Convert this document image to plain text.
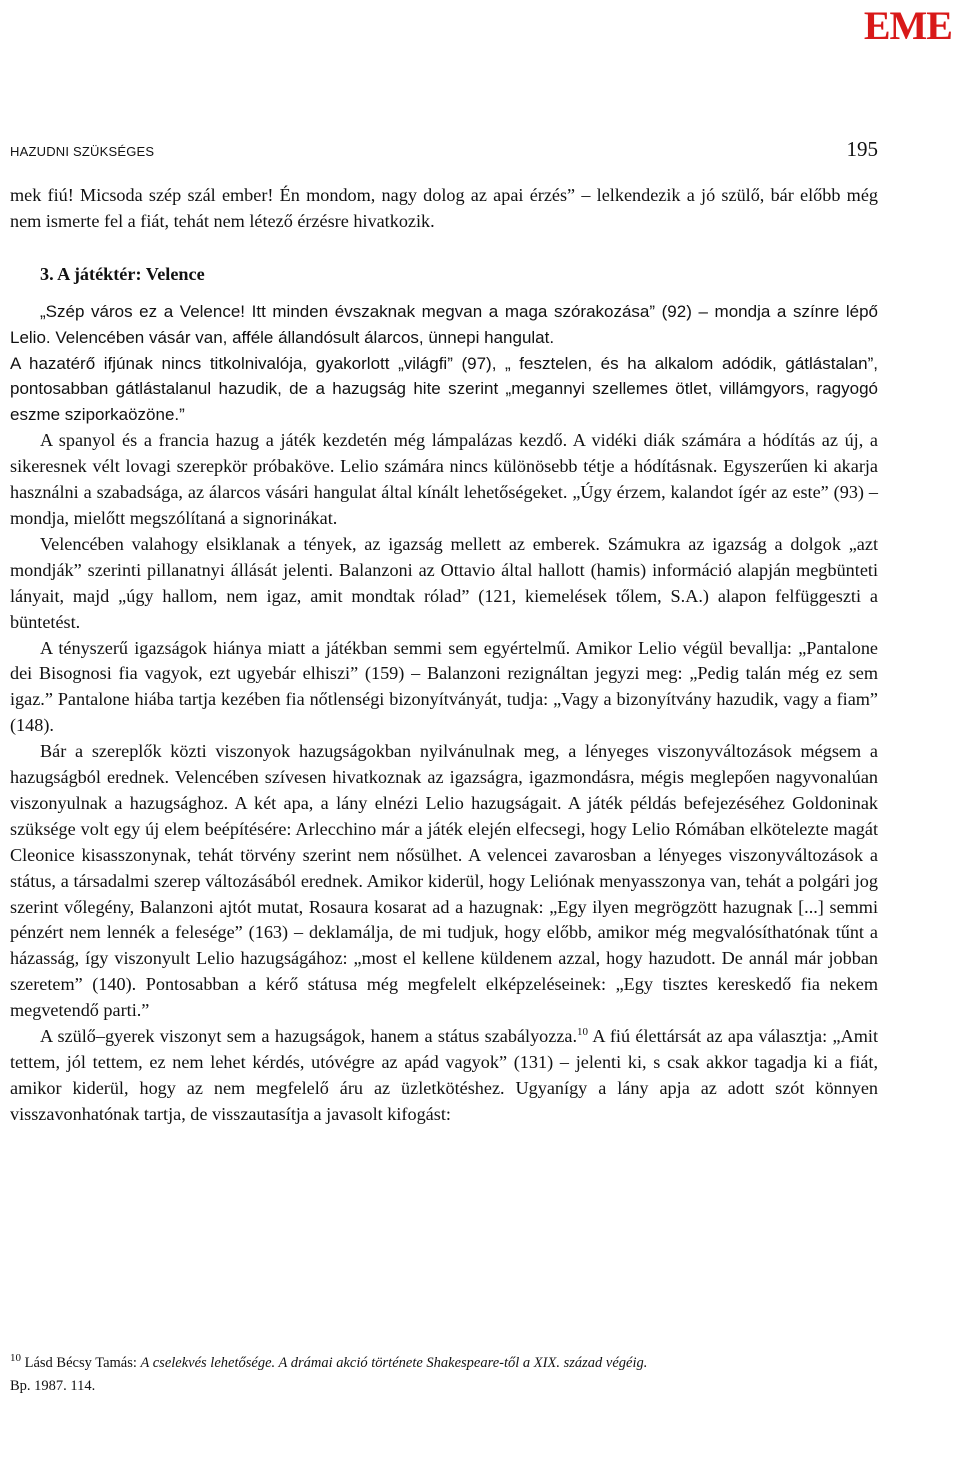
EME
HAZUDNI SZÜKSÉGES	195

mek fiú! Micsoda szép szál ember! Én mondom, nagy dolog az apai érzés” – lelkendezik a jó szülő, bár előbb még nem ismerte fel a fiát, tehát nem létező érzésre hivatkozik.

3. A játéktér: Velence

„Szép város ez a Velence! Itt minden évszaknak megvan a maga szórakozása” (92) – mondja a színre lépő Lelio. Velencében vásár van, afféle állandósult álarcos, ünnepi hangulat.

A hazatérő ifjúnak nincs titkolnivalója, gyakorlott „világfi” (97), „ fesztelen, és ha alkalom adódik, gátlástalan”, pontosabban gátlástalanul hazudik, de a hazugság hite szerint „megannyi szellemes ötlet, villámgyors, ragyogó eszme sziporkaözöne.”

A spanyol és a francia hazug a játék kezdetén még lámpalázas kezdő. A vidéki diák számára a hódítás az új, a sikeresnek vélt lovagi szerepkör próbaköve. Lelio számára nincs különösebb tétje a hódításnak. Egyszerűen ki akarja használni a szabadsága, az álarcos vásári hangulat által kínált lehetőségeket. „Úgy érzem, kalandot ígér az este” (93) – mondja, mielőtt megszólítaná a signorinákat.

Velencében valahogy elsiklanak a tények, az igazság mellett az emberek. Számukra az igazság a dolgok „azt mondják” szerinti pillanatnyi állását jelenti. Balanzoni az Ottavio által hallott (hamis) információ alapján megbünteti lányait, majd „úgy hallom, nem igaz, amit mondtak rólad” (121, kiemelések tőlem, S.A.) alapon felfüggeszti a büntetést.

A tényszerű igazságok hiánya miatt a játékban semmi sem egyértelmű. Amikor Lelio végül bevallja: „Pantalone dei Bisognosi fia vagyok, ezt ugyebár elhiszi” (159) – Balanzoni rezignáltan jegyzi meg: „Pedig talán még ez sem igaz.” Pantalone hiába tartja kezében fia nőtlenségi bizonyítványát, tudja: „Vagy a bizonyítvány hazudik, vagy a fiam” (148).

Bár a szereplők közti viszonyok hazugságokban nyilvánulnak meg, a lényeges viszonyváltozások mégsem a hazugságból erednek. Velencében szívesen hivatkoznak az igazságra, igazmondásra, mégis meglepően nagyvonalúan viszonyulnak a hazugsághoz. A két apa, a lány elnézi Lelio hazugságait. A játék példás befejezéséhez Goldoninak szüksége volt egy új elem beépítésére: Arlecchino már a játék elején elfecsegi, hogy Lelio Rómában elkötelezte magát Cleonice kisasszonynak, tehát törvény szerint nem nősülhet. A velencei zavarosban a lényeges viszonyváltozások a státus, a társadalmi szerep változásából erednek. Amikor kiderül, hogy Leliónak menyasszonya van, tehát a polgári jog szerint vőlegény, Balanzoni ajtót mutat, Rosaura kosarat ad a hazugnak: „Egy ilyen megrögzött hazugnak [...] semmi pénzért nem lennék a felesége” (163) – deklamálja, de mi tudjuk, hogy előbb, amikor még megvalósíthatónak tűnt a házasság, így viszonyult Lelio hazugságához: „most el kellene küldenem azzal, hogy hazudott. De annál már jobban szeretem” (140). Pontosabban a kérő státusa még megfelelt elképzeléseinek: „Egy tisztes kereskedő fia nekem megvetendő parti.”

A szülő–gyerek viszonyt sem a hazugságok, hanem a státus szabályozza.$^{10}$ A fiú élettársát az apa választja: „Amit tettem, jól tettem, ez nem lehet kérdés, utóvégre az apád vagyok” (131) – jelenti ki, s csak akkor tagadja ki a fiát, amikor kiderül, hogy az nem megfelelő áru az üzletkötéshez. Ugyanígy a lány apja az adott szót könnyen visszavonhatónak tartja, de visszautasítja a javasolt kifogást:

$^{10}$ Lásd Bécsy Tamás: A cselekvés lehetősége. A drámai akció története Shakespeare-től a XIX. század végéig.
Bp. 1987. 114.
